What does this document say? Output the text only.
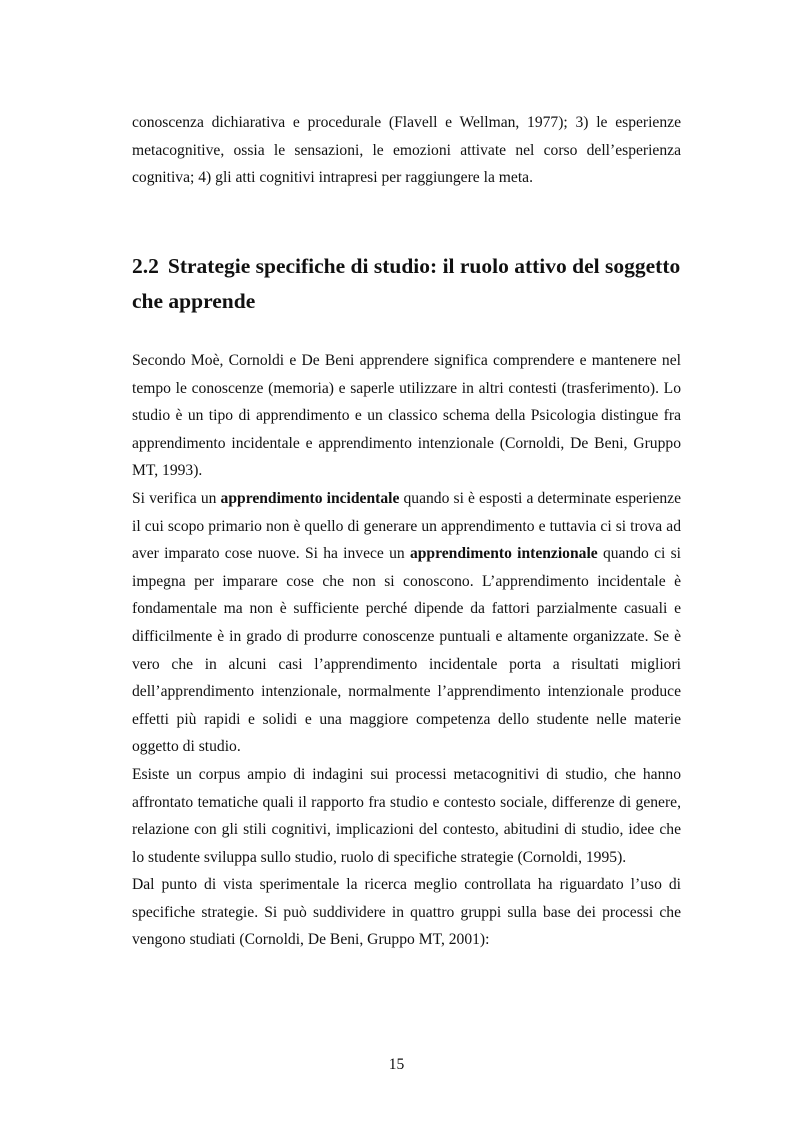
conoscenza dichiarativa e procedurale (Flavell e Wellman, 1977); 3) le esperienze metacognitive, ossia le sensazioni, le emozioni attivate nel corso dell’esperienza cognitiva; 4) gli atti cognitivi intrapresi per raggiungere la meta.

2.2 Strategie specifiche di studio: il ruolo attivo del soggetto che apprende

Secondo Moè, Cornoldi e De Beni apprendere significa comprendere e mantenere nel tempo le conoscenze (memoria) e saperle utilizzare in altri contesti (trasferimento). Lo studio è un tipo di apprendimento e un classico schema della Psicologia distingue fra apprendimento incidentale e apprendimento intenzionale (Cornoldi, De Beni, Gruppo MT, 1993).

Si verifica un apprendimento incidentale quando si è esposti a determinate esperienze il cui scopo primario non è quello di generare un apprendimento e tuttavia ci si trova ad aver imparato cose nuove. Si ha invece un apprendimento intenzionale quando ci si impegna per imparare cose che non si conoscono. L’apprendimento incidentale è fondamentale ma non è sufficiente perché dipende da fattori parzialmente casuali e difficilmente è in grado di produrre conoscenze puntuali e altamente organizzate. Se è vero che in alcuni casi l’apprendimento incidentale porta a risultati migliori dell’apprendimento intenzionale, normalmente l’apprendimento intenzionale produce effetti più rapidi e solidi e una maggiore competenza dello studente nelle materie oggetto di studio.

Esiste un corpus ampio di indagini sui processi metacognitivi di studio, che hanno affrontato tematiche quali il rapporto fra studio e contesto sociale, differenze di genere, relazione con gli stili cognitivi, implicazioni del contesto, abitudini di studio, idee che lo studente sviluppa sullo studio, ruolo di specifiche strategie (Cornoldi, 1995).

Dal punto di vista sperimentale la ricerca meglio controllata ha riguardato l’uso di specifiche strategie. Si può suddividere in quattro gruppi sulla base dei processi che vengono studiati (Cornoldi, De Beni, Gruppo MT, 2001):

15
